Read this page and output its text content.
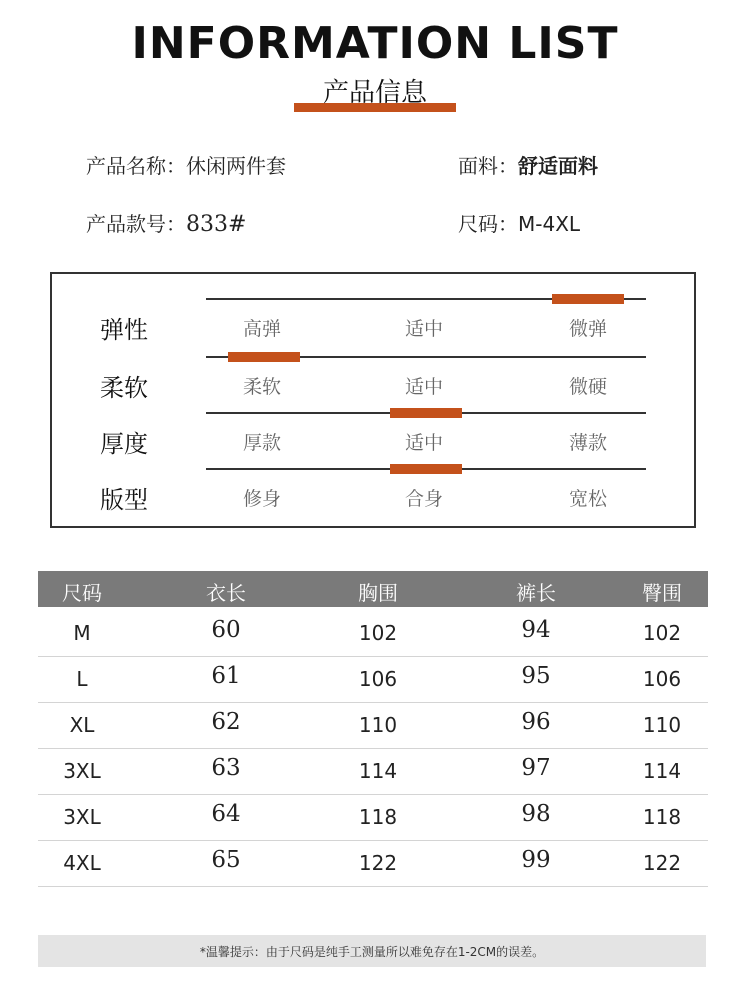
INFORMATION LIST
产品信息
产品名称：休闲两件套	面料：舒适面料
产品款号：833#	尺码：M-4XL
弹性	高弹	适中	微弹
柔软	柔软	适中	微硬
厚度	厚款	适中	薄款
版型	修身	合身	宽松
尺码	衣长	胸围	裤长	臀围
M	60	102	94	102
L	61	106	95	106
XL	62	110	96	110
3XL	63	114	97	114
3XL	64	118	98	118
4XL	65	122	99	122
*温馨提示：由于尺码是纯手工测量所以难免存在1-2CM的误差。
